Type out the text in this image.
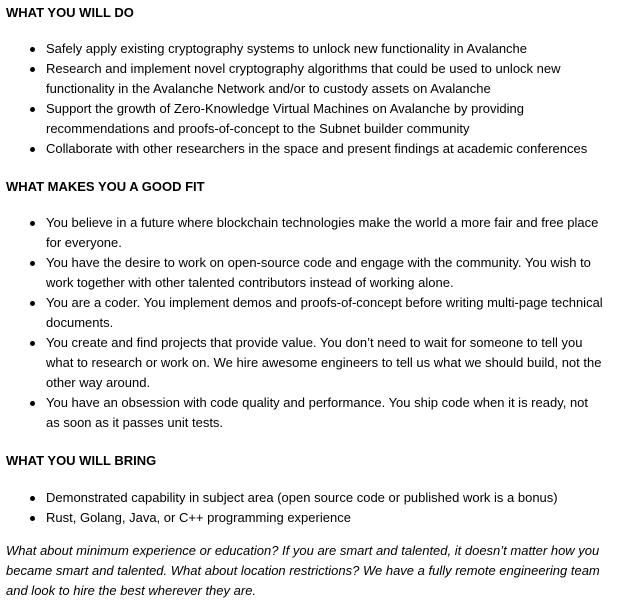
WHAT YOU WILL DO
Safely apply existing cryptography systems to unlock new functionality in Avalanche
Research and implement novel cryptography algorithms that could be used to unlock new functionality in the Avalanche Network and/or to custody assets on Avalanche
Support the growth of Zero-Knowledge Virtual Machines on Avalanche by providing recommendations and proofs-of-concept to the Subnet builder community
Collaborate with other researchers in the space and present findings at academic conferences
WHAT MAKES YOU A GOOD FIT
You believe in a future where blockchain technologies make the world a more fair and free place for everyone.
You have the desire to work on open-source code and engage with the community. You wish to work together with other talented contributors instead of working alone.
You are a coder. You implement demos and proofs-of-concept before writing multi-page technical documents.
You create and find projects that provide value. You don’t need to wait for someone to tell you what to research or work on. We hire awesome engineers to tell us what we should build, not the other way around.
You have an obsession with code quality and performance. You ship code when it is ready, not as soon as it passes unit tests.
WHAT YOU WILL BRING
Demonstrated capability in subject area (open source code or published work is a bonus)
Rust, Golang, Java, or C++ programming experience

What about minimum experience or education? If you are smart and talented, it doesn’t matter how you became smart and talented. What about location restrictions? We have a fully remote engineering team and look to hire the best wherever they are.
